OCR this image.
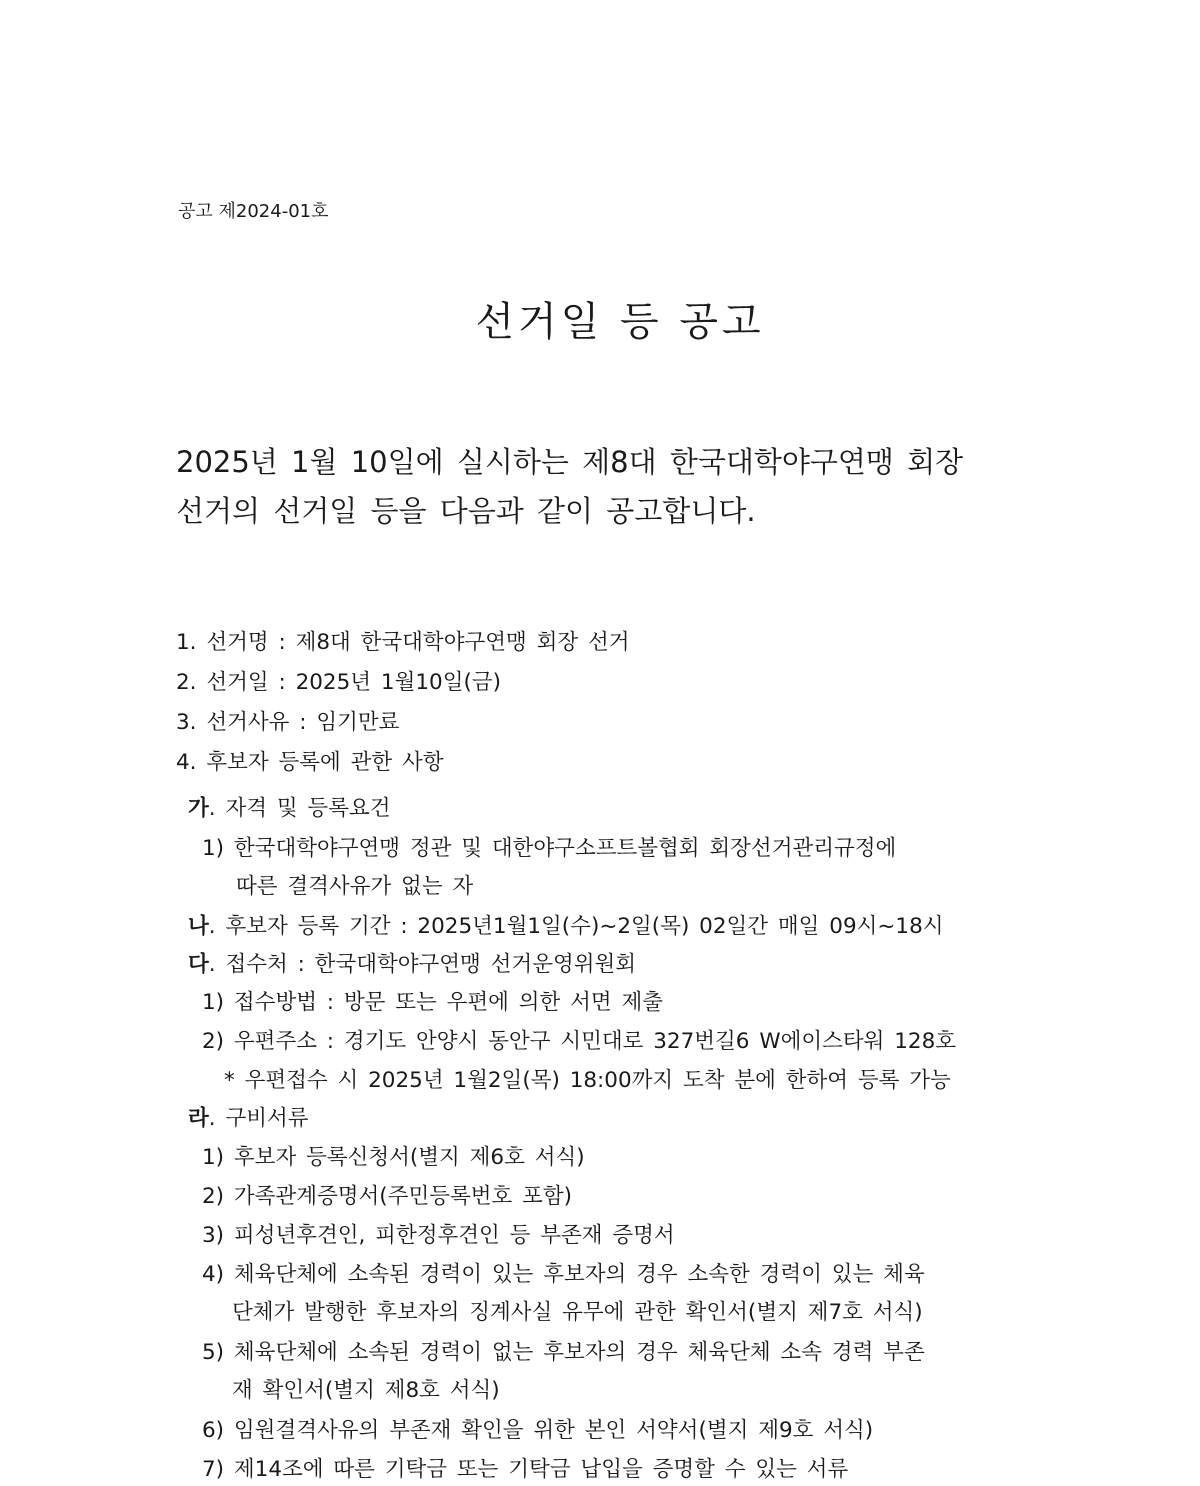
공고 제2024-01호
선거일 등 공고
2025년 1월 10일에 실시하는 제8대 한국대학야구연맹 회장
선거의 선거일 등을 다음과 같이 공고합니다.
1. 선거명 : 제8대 한국대학야구연맹 회장 선거
2. 선거일 : 2025년 1월10일(금)
3. 선거사유 : 임기만료
4. 후보자 등록에 관한 사항
가. 자격 및 등록요건
1) 한국대학야구연맹 정관 및 대한야구소프트볼협회 회장선거관리규정에
따른 결격사유가 없는 자
나. 후보자 등록 기간 : 2025년1월1일(수)~2일(목) 02일간 매일 09시~18시
다. 접수처 : 한국대학야구연맹 선거운영위원회
1) 접수방법 : 방문 또는 우편에 의한 서면 제출
2) 우편주소 : 경기도 안양시 동안구 시민대로 327번길6 W에이스타워 128호
* 우편접수 시 2025년 1월2일(목) 18:00까지 도착 분에 한하여 등록 가능
라. 구비서류
1) 후보자 등록신청서(별지 제6호 서식)
2) 가족관계증명서(주민등록번호 포함)
3) 피성년후견인, 피한정후견인 등 부존재 증명서
4) 체육단체에 소속된 경력이 있는 후보자의 경우 소속한 경력이 있는 체육
단체가 발행한 후보자의 징계사실 유무에 관한 확인서(별지 제7호 서식)
5) 체육단체에 소속된 경력이 없는 후보자의 경우 체육단체 소속 경력 부존
재 확인서(별지 제8호 서식)
6) 임원결격사유의 부존재 확인을 위한 본인 서약서(별지 제9호 서식)
7) 제14조에 따른 기탁금 또는 기탁금 납입을 증명할 수 있는 서류
